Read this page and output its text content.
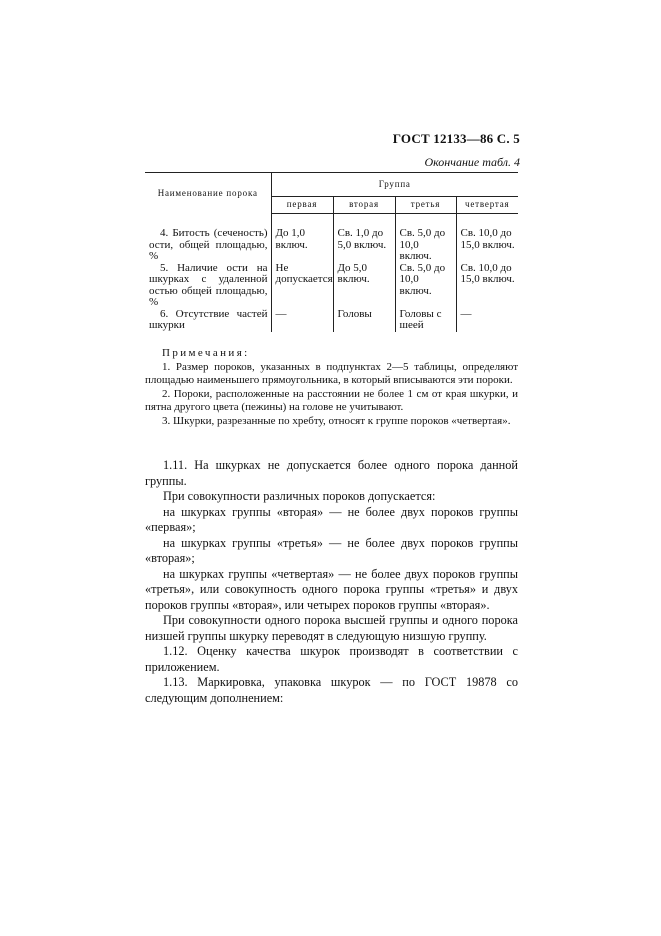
ГОСТ 12133—86 С. 5
Окончание табл. 4
Наименование порока	Группа			
	первая	вторая	третья	четвертая

4. Битость (сеченость) ости, общей площадью, %	До 1,0 включ.	Св. 1,0 до 5,0 включ.	Св. 5,0 до 10,0 включ.	Св. 10,0 до 15,0 включ.
5. Наличие ости на шкурках с удаленной остью общей площадью, %	Не допускается	До 5,0 включ.	Св. 5,0 до 10,0 включ.	Св. 10,0 до 15,0 включ.
6. Отсутствие частей шкурки	—	Головы	Головы с шеей	—

Примечания:

1. Размер пороков, указанных в подпунктах 2—5 таблицы, определяют площадью наименьшего прямоугольника, в который вписываются эти пороки.

2. Пороки, расположенные на расстоянии не более 1 см от края шкурки, и пятна другого цвета (пежины) на голове не учитывают.

3. Шкурки, разрезанные по хребту, относят к группе пороков «четвертая».

1.11. На шкурках не допускается более одного порока данной группы.

При совокупности различных пороков допускается:

на шкурках группы «вторая» — не более двух пороков группы «первая»;

на шкурках группы «третья» — не более двух пороков группы «вторая»;

на шкурках группы «четвертая» — не более двух пороков группы «третья», или совокупность одного порока группы «третья» и двух пороков группы «вторая», или четырех пороков группы «вторая».

При совокупности одного порока высшей группы и одного порока низшей группы шкурку переводят в следующую низшую группу.

1.12. Оценку качества шкурок производят в соответствии с приложением.

1.13. Маркировка, упаковка шкурок — по ГОСТ 19878 со следующим дополнением:
